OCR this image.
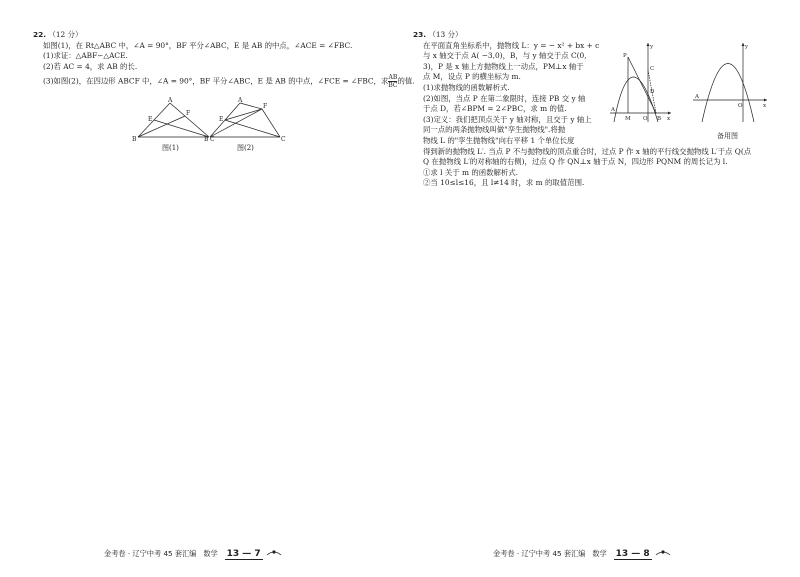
22. （12 分）
如图(1)，在 Rt△ABC 中，∠A = 90°，BF 平分∠ABC，E 是 AB 的中点，∠ACE = ∠FBC.
(1)求证：△ABF∽△ACE.
(2)若 AC = 4，求 AB 的长.
(3)如图(2)，在四边形 ABCF 中，∠A = 90°，BF 平分∠ABC，E 是 AB 的中点，∠FCE = ∠FBC，求 $\frac{AB}{BC}$ 的值.
A
B	C
E
F
图(1)
A
B	C
E
F
图(2)
23. （13 分）
在平面直角坐标系中，抛物线 L：y = − x² + bx + c
与 x 轴交于点 A( −3,0)，B，与 y 轴交于点 C(0,
3)，P 是 x 轴上方抛物线上一动点，PM⊥x 轴于
点 M，设点 P 的横坐标为 m.
(1)求抛物线的函数解析式.
(2)如图，当点 P 在第二象限时，连接 PB 交 y 轴
于点 D，若∠BPM = 2∠PBC，求 m 的值.
(3)定义：我们把顶点关于 y 轴对称，且交于 y 轴上
同一点的两条抛物线叫做"孪生抛物线".将抛
物线 L 的"孪生抛物线"向右平移 1 个单位长度
得到新的抛物线 L′. 当点 P 不与抛物线的顶点重合时，过点 P 作 x 轴的平行线交抛物线 L′于点 Q(点
Q 在抛物线 L′的对称轴的右侧)，过点 Q 作 QN⊥x 轴于点 N，四边形 PQNM 的周长记为 l.
①求 l 关于 m 的函数解析式.
②当 10≤l≤16，且 l≠14 时，求 m 的取值范围.
y
x
P
C
D
A
M O B
y
x
A
O
备用图
金考卷 · 辽宁中考 45 套汇编 数学 13 — 7	金考卷 · 辽宁中考 45 套汇编 数学 13 — 8
